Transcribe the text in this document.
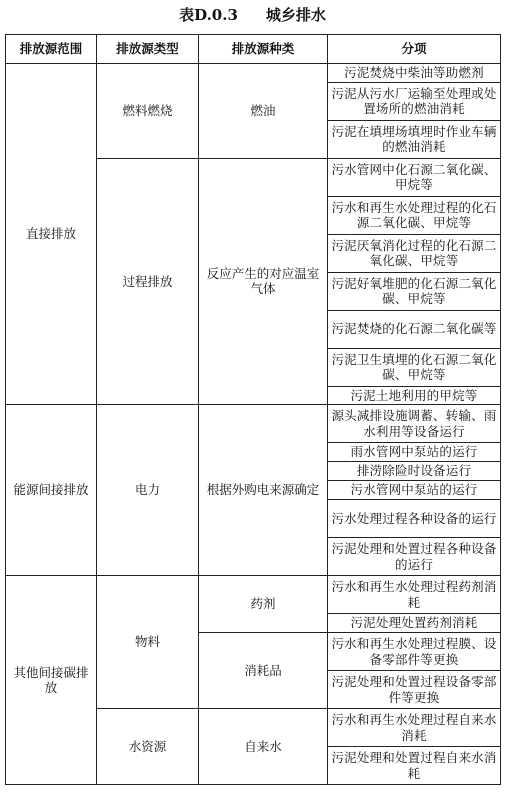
表D.0.3 城乡排水
排放源范围	排放源类型	排放源种类	分项
直接排放	燃料燃烧	燃油	污泥焚烧中柴油等助燃剂
			污泥从污水厂运输至处理或处置场所的燃油消耗
			污泥在填埋场填埋时作业车辆的燃油消耗
	过程排放	反应产生的对应温室气体	污水管网中化石源二氧化碳、甲烷等
			污水和再生水处理过程的化石源二氧化碳、甲烷等
			污泥厌氧消化过程的化石源二氧化碳、甲烷等
			污泥好氧堆肥的化石源二氧化碳、甲烷等
			污泥焚烧的化石源二氧化碳等
			污泥卫生填埋的化石源二氧化碳、甲烷等
			污泥土地利用的甲烷等
能源间接排放	电力	根据外购电来源确定	源头减排设施调蓄、转输、雨水利用等设备运行
			雨水管网中泵站的运行
			排涝除险时设备运行
			污水管网中泵站的运行
			污水处理过程各种设备的运行
			污泥处理和处置过程各种设备的运行
其他间接碳排放	物料	药剂	污水和再生水处理过程药剂消耗
			污泥处理处置药剂消耗
		消耗品	污水和再生水处理过程膜、设备零部件等更换
			污泥处理和处置过程设备零部件等更换
	水资源	自来水	污水和再生水处理过程自来水消耗
			污泥处理和处置过程自来水消耗
